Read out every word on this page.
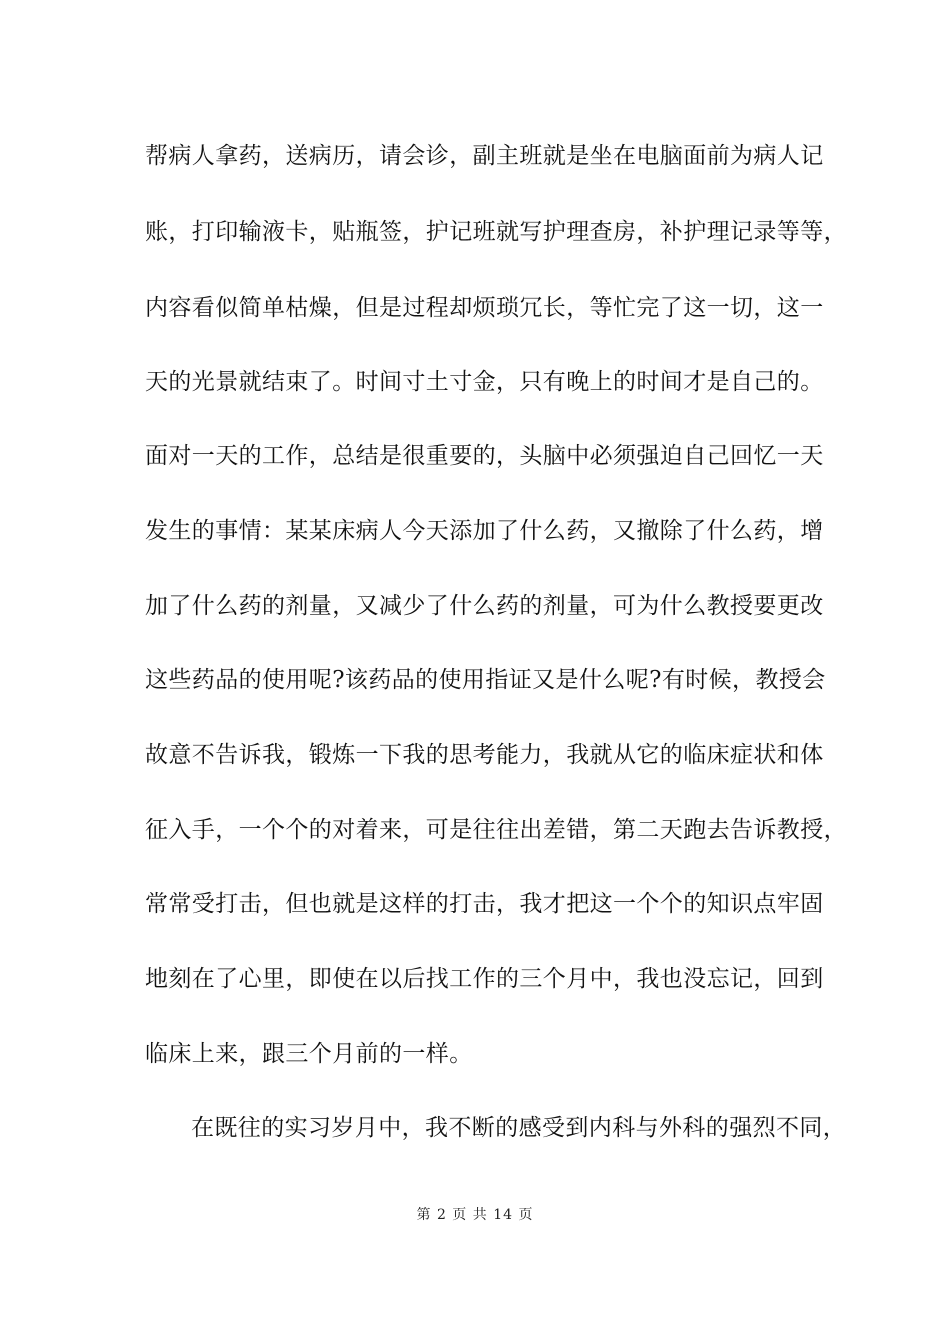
帮病人拿药，送病历，请会诊，副主班就是坐在电脑面前为病人记
账，打印输液卡，贴瓶签，护记班就写护理查房，补护理记录等等，
内容看似简单枯燥，但是过程却烦琐冗长，等忙完了这一切，这一
天的光景就结束了。时间寸土寸金，只有晚上的时间才是自己的。
面对一天的工作，总结是很重要的，头脑中必须强迫自己回忆一天
发生的事情：某某床病人今天添加了什么药，又撤除了什么药，增
加了什么药的剂量，又减少了什么药的剂量，可为什么教授要更改
这些药品的使用呢?该药品的使用指证又是什么呢?有时候，教授会
故意不告诉我，锻炼一下我的思考能力，我就从它的临床症状和体
征入手，一个个的对着来，可是往往出差错，第二天跑去告诉教授，
常常受打击，但也就是这样的打击，我才把这一个个的知识点牢固
地刻在了心里，即使在以后找工作的三个月中，我也没忘记，回到
临床上来，跟三个月前的一样。
在既往的实习岁月中，我不断的感受到内科与外科的强烈不同，
第 2 页 共 14 页
